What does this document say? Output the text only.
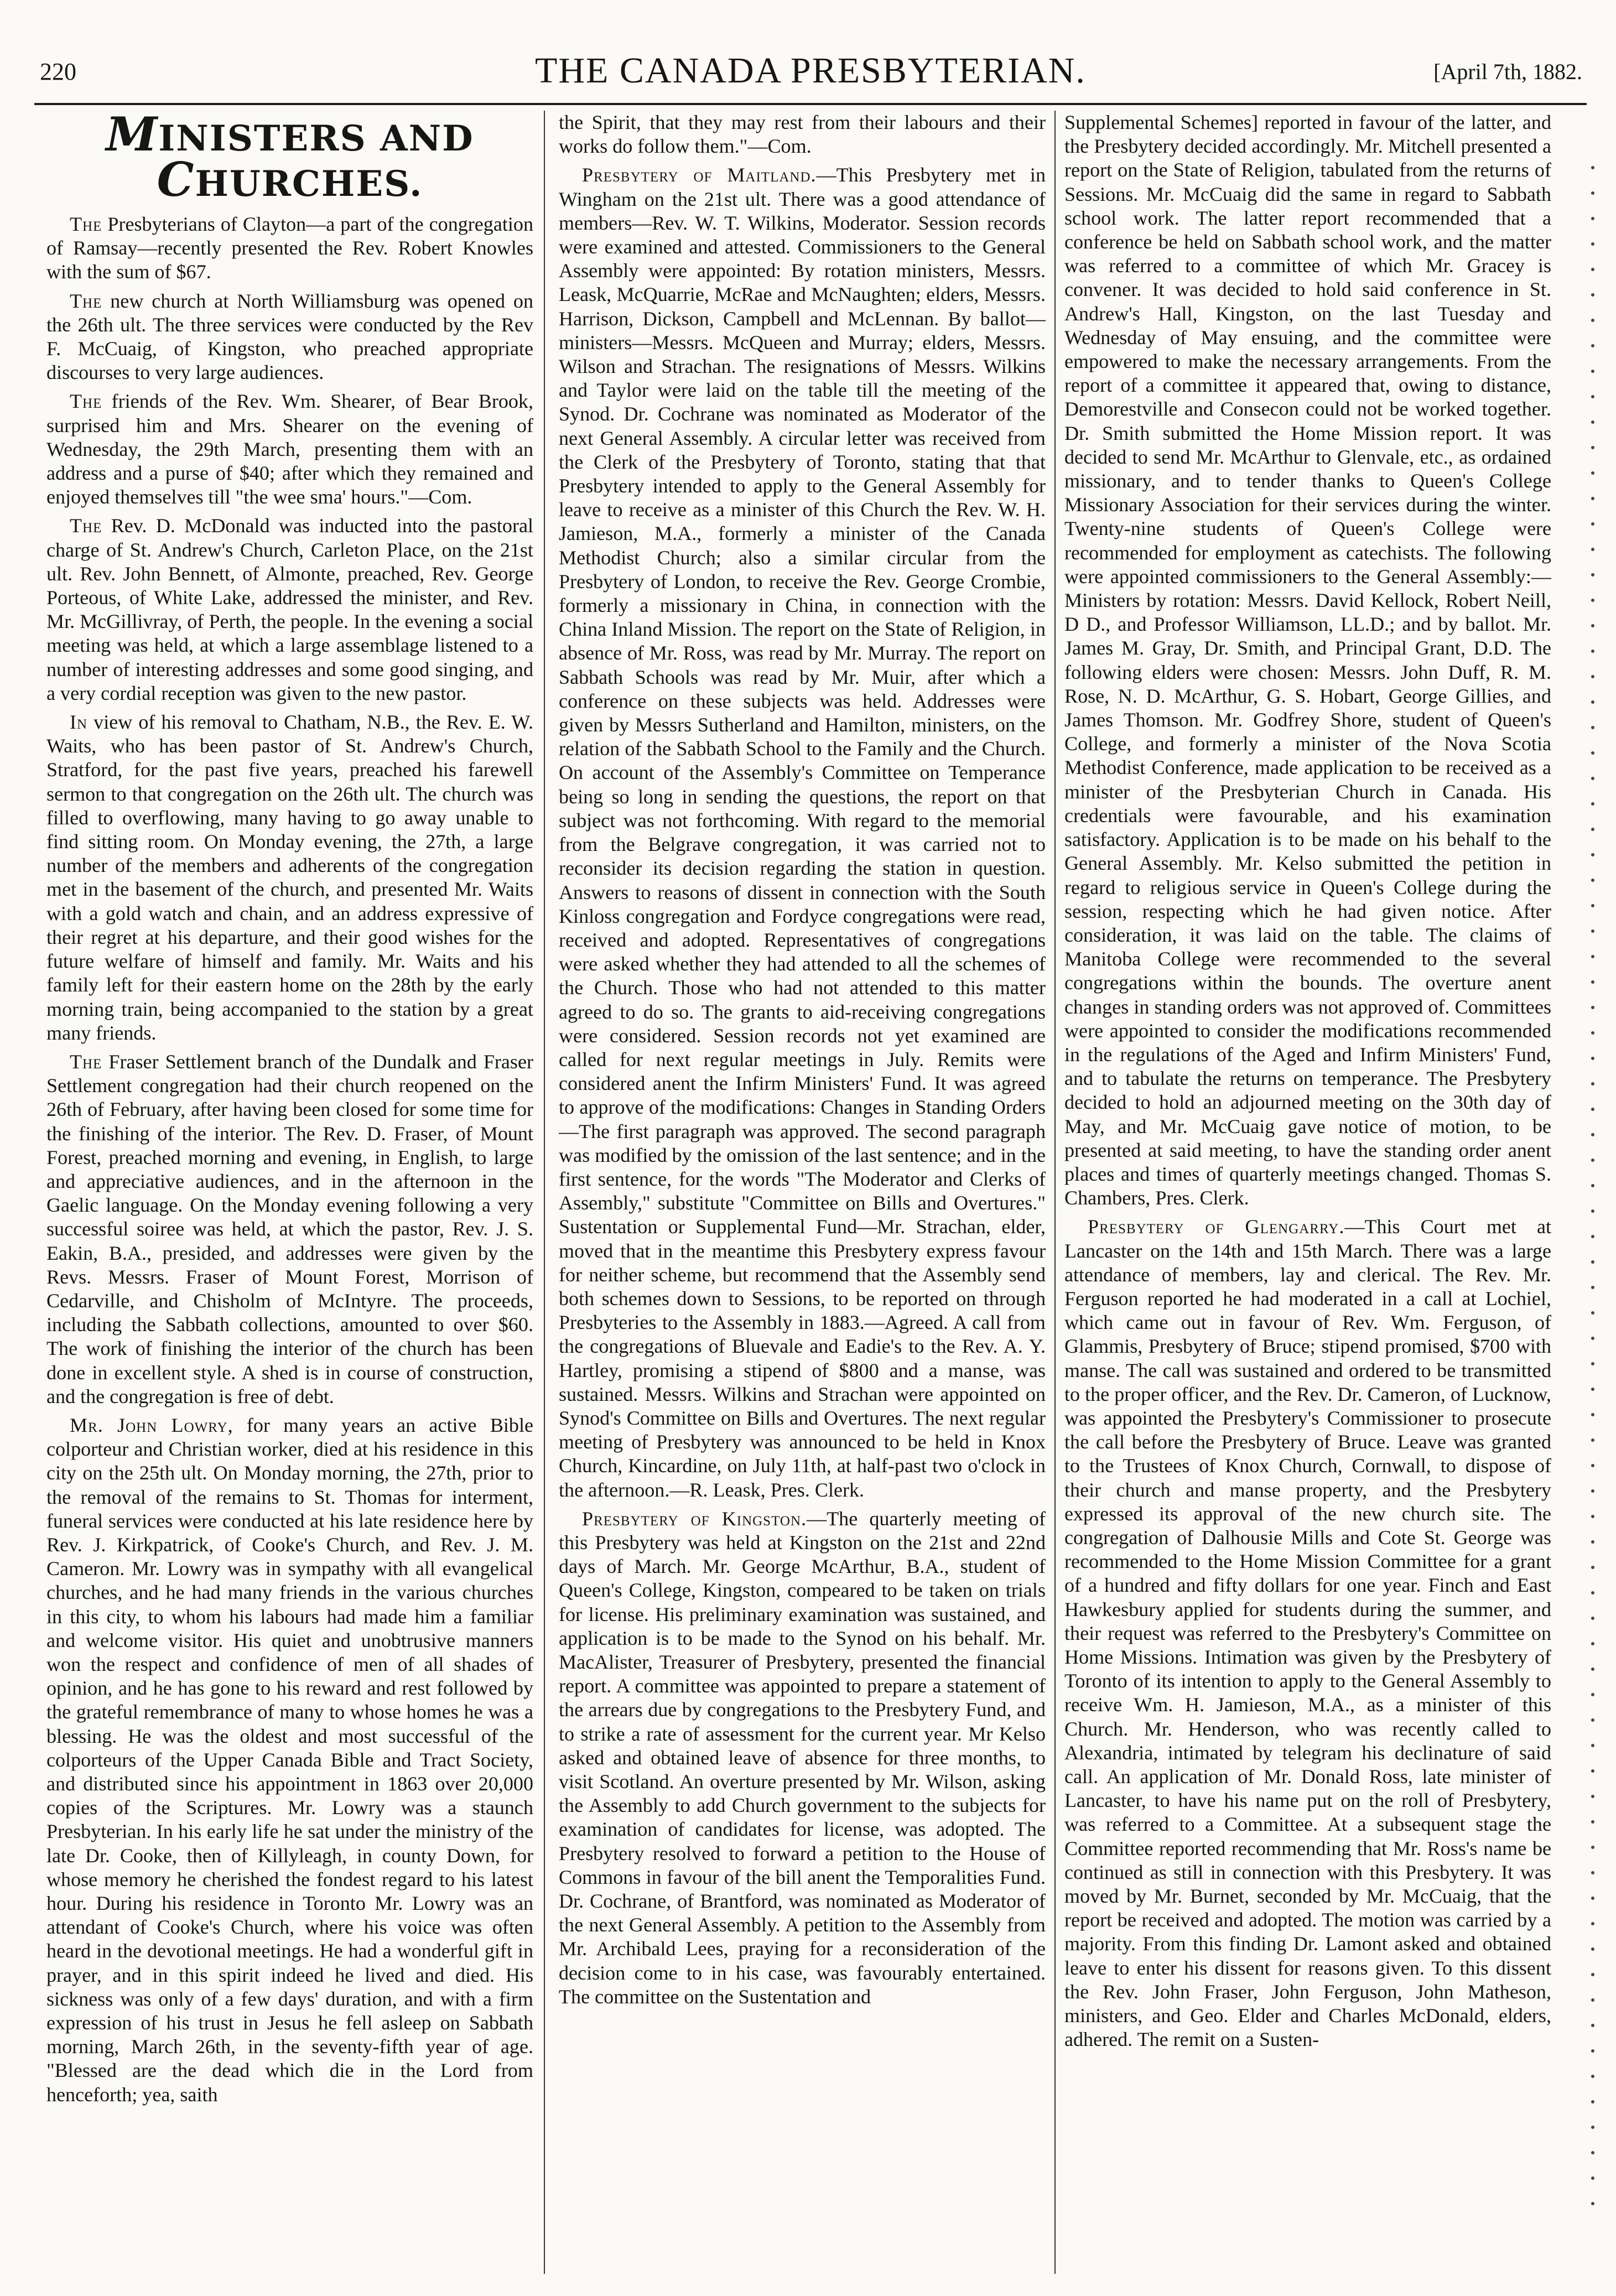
220	THE CANADA PRESBYTERIAN.	[April 7th, 1882.
MINISTERS AND CHURCHES.

The Presbyterians of Clayton—a part of the congregation of Ramsay—recently presented the Rev. Robert Knowles with the sum of $67.

The new church at North Williamsburg was opened on the 26th ult. The three services were conducted by the Rev F. McCuaig, of Kingston, who preached appropriate discourses to very large audiences.

The friends of the Rev. Wm. Shearer, of Bear Brook, surprised him and Mrs. Shearer on the evening of Wednesday, the 29th March, presenting them with an address and a purse of $40; after which they remained and enjoyed themselves till "the wee sma' hours."—Com.

The Rev. D. McDonald was inducted into the pastoral charge of St. Andrew's Church, Carleton Place, on the 21st ult. Rev. John Bennett, of Almonte, preached, Rev. George Porteous, of White Lake, addressed the minister, and Rev. Mr. McGillivray, of Perth, the people. In the evening a social meeting was held, at which a large assemblage listened to a number of interesting addresses and some good singing, and a very cordial reception was given to the new pastor.

In view of his removal to Chatham, N.B., the Rev. E. W. Waits, who has been pastor of St. Andrew's Church, Stratford, for the past five years, preached his farewell sermon to that congregation on the 26th ult. The church was filled to overflowing, many having to go away unable to find sitting room. On Monday evening, the 27th, a large number of the members and adherents of the congregation met in the basement of the church, and presented Mr. Waits with a gold watch and chain, and an address expressive of their regret at his departure, and their good wishes for the future welfare of himself and family. Mr. Waits and his family left for their eastern home on the 28th by the early morning train, being accompanied to the station by a great many friends.

The Fraser Settlement branch of the Dundalk and Fraser Settlement congregation had their church reopened on the 26th of February, after having been closed for some time for the finishing of the interior. The Rev. D. Fraser, of Mount Forest, preached morning and evening, in English, to large and appreciative audiences, and in the afternoon in the Gaelic language. On the Monday evening following a very successful soiree was held, at which the pastor, Rev. J. S. Eakin, B.A., presided, and addresses were given by the Revs. Messrs. Fraser of Mount Forest, Morrison of Cedarville, and Chisholm of McIntyre. The proceeds, including the Sabbath collections, amounted to over $60. The work of finishing the interior of the church has been done in excellent style. A shed is in course of construction, and the congregation is free of debt.

Mr. John Lowry, for many years an active Bible colporteur and Christian worker, died at his residence in this city on the 25th ult. On Monday morning, the 27th, prior to the removal of the remains to St. Thomas for interment, funeral services were conducted at his late residence here by Rev. J. Kirkpatrick, of Cooke's Church, and Rev. J. M. Cameron. Mr. Lowry was in sympathy with all evangelical churches, and he had many friends in the various churches in this city, to whom his labours had made him a familiar and welcome visitor. His quiet and unobtrusive manners won the respect and confidence of men of all shades of opinion, and he has gone to his reward and rest followed by the grateful remembrance of many to whose homes he was a blessing. He was the oldest and most successful of the colporteurs of the Upper Canada Bible and Tract Society, and distributed since his appointment in 1863 over 20,000 copies of the Scriptures. Mr. Lowry was a staunch Presbyterian. In his early life he sat under the ministry of the late Dr. Cooke, then of Killyleagh, in county Down, for whose memory he cherished the fondest regard to his latest hour. During his residence in Toronto Mr. Lowry was an attendant of Cooke's Church, where his voice was often heard in the devotional meetings. He had a wonderful gift in prayer, and in this spirit indeed he lived and died. His sickness was only of a few days' duration, and with a firm expression of his trust in Jesus he fell asleep on Sabbath morning, March 26th, in the seventy-fifth year of age. "Blessed are the dead which die in the Lord from henceforth; yea, saith

the Spirit, that they may rest from their labours and their works do follow them."—Com.

Presbytery of Maitland.—This Presbytery met in Wingham on the 21st ult. There was a good attendance of members—Rev. W. T. Wilkins, Moderator. Session records were examined and attested. Commissioners to the General Assembly were appointed: By rotation ministers, Messrs. Leask, McQuarrie, McRae and McNaughten; elders, Messrs. Harrison, Dickson, Campbell and McLennan. By ballot—ministers—Messrs. McQueen and Murray; elders, Messrs. Wilson and Strachan. The resignations of Messrs. Wilkins and Taylor were laid on the table till the meeting of the Synod. Dr. Cochrane was nominated as Moderator of the next General Assembly. A circular letter was received from the Clerk of the Presbytery of Toronto, stating that that Presbytery intended to apply to the General Assembly for leave to receive as a minister of this Church the Rev. W. H. Jamieson, M.A., formerly a minister of the Canada Methodist Church; also a similar circular from the Presbytery of London, to receive the Rev. George Crombie, formerly a missionary in China, in connection with the China Inland Mission. The report on the State of Religion, in absence of Mr. Ross, was read by Mr. Murray. The report on Sabbath Schools was read by Mr. Muir, after which a conference on these subjects was held. Addresses were given by Messrs Sutherland and Hamilton, ministers, on the relation of the Sabbath School to the Family and the Church. On account of the Assembly's Committee on Temperance being so long in sending the questions, the report on that subject was not forthcoming. With regard to the memorial from the Belgrave congregation, it was carried not to reconsider its decision regarding the station in question. Answers to reasons of dissent in connection with the South Kinloss congregation and Fordyce congregations were read, received and adopted. Representatives of congregations were asked whether they had attended to all the schemes of the Church. Those who had not attended to this matter agreed to do so. The grants to aid-receiving congregations were considered. Session records not yet examined are called for next regular meetings in July. Remits were considered anent the Infirm Ministers' Fund. It was agreed to approve of the modifications: Changes in Standing Orders—The first paragraph was approved. The second paragraph was modified by the omission of the last sentence; and in the first sentence, for the words "The Moderator and Clerks of Assembly," substitute "Committee on Bills and Overtures." Sustentation or Supplemental Fund—Mr. Strachan, elder, moved that in the meantime this Presbytery express favour for neither scheme, but recommend that the Assembly send both schemes down to Sessions, to be reported on through Presbyteries to the Assembly in 1883.—Agreed. A call from the congregations of Bluevale and Eadie's to the Rev. A. Y. Hartley, promising a stipend of $800 and a manse, was sustained. Messrs. Wilkins and Strachan were appointed on Synod's Committee on Bills and Overtures. The next regular meeting of Presbytery was announced to be held in Knox Church, Kincardine, on July 11th, at half-past two o'clock in the afternoon.—R. Leask, Pres. Clerk.

Presbytery of Kingston.—The quarterly meeting of this Presbytery was held at Kingston on the 21st and 22nd days of March. Mr. George McArthur, B.A., student of Queen's College, Kingston, compeared to be taken on trials for license. His preliminary examination was sustained, and application is to be made to the Synod on his behalf. Mr. MacAlister, Treasurer of Presbytery, presented the financial report. A committee was appointed to prepare a statement of the arrears due by congregations to the Presbytery Fund, and to strike a rate of assessment for the current year. Mr Kelso asked and obtained leave of absence for three months, to visit Scotland. An overture presented by Mr. Wilson, asking the Assembly to add Church government to the subjects for examination of candidates for license, was adopted. The Presbytery resolved to forward a petition to the House of Commons in favour of the bill anent the Temporalities Fund. Dr. Cochrane, of Brantford, was nominated as Moderator of the next General Assembly. A petition to the Assembly from Mr. Archibald Lees, praying for a reconsideration of the decision come to in his case, was favourably entertained. The committee on the Sustentation and

Supplemental Schemes] reported in favour of the latter, and the Presbytery decided accordingly. Mr. Mitchell presented a report on the State of Religion, tabulated from the returns of Sessions. Mr. McCuaig did the same in regard to Sabbath school work. The latter report recommended that a conference be held on Sabbath school work, and the matter was referred to a committee of which Mr. Gracey is convener. It was decided to hold said conference in St. Andrew's Hall, Kingston, on the last Tuesday and Wednesday of May ensuing, and the committee were empowered to make the necessary arrangements. From the report of a committee it appeared that, owing to distance, Demorestville and Consecon could not be worked together. Dr. Smith submitted the Home Mission report. It was decided to send Mr. McArthur to Glenvale, etc., as ordained missionary, and to tender thanks to Queen's College Missionary Association for their services during the winter. Twenty-nine students of Queen's College were recommended for employment as catechists. The following were appointed commissioners to the General Assembly:—Ministers by rotation: Messrs. David Kellock, Robert Neill, D D., and Professor Williamson, LL.D.; and by ballot. Mr. James M. Gray, Dr. Smith, and Principal Grant, D.D. The following elders were chosen: Messrs. John Duff, R. M. Rose, N. D. McArthur, G. S. Hobart, George Gillies, and James Thomson. Mr. Godfrey Shore, student of Queen's College, and formerly a minister of the Nova Scotia Methodist Conference, made application to be received as a minister of the Presbyterian Church in Canada. His credentials were favourable, and his examination satisfactory. Application is to be made on his behalf to the General Assembly. Mr. Kelso submitted the petition in regard to religious service in Queen's College during the session, respecting which he had given notice. After consideration, it was laid on the table. The claims of Manitoba College were recommended to the several congregations within the bounds. The overture anent changes in standing orders was not approved of. Committees were appointed to consider the modifications recommended in the regulations of the Aged and Infirm Ministers' Fund, and to tabulate the returns on temperance. The Presbytery decided to hold an adjourned meeting on the 30th day of May, and Mr. McCuaig gave notice of motion, to be presented at said meeting, to have the standing order anent places and times of quarterly meetings changed. Thomas S. Chambers, Pres. Clerk.

Presbytery of Glengarry.—This Court met at Lancaster on the 14th and 15th March. There was a large attendance of members, lay and clerical. The Rev. Mr. Ferguson reported he had moderated in a call at Lochiel, which came out in favour of Rev. Wm. Ferguson, of Glammis, Presbytery of Bruce; stipend promised, $700 with manse. The call was sustained and ordered to be transmitted to the proper officer, and the Rev. Dr. Cameron, of Lucknow, was appointed the Presbytery's Commissioner to prosecute the call before the Presbytery of Bruce. Leave was granted to the Trustees of Knox Church, Cornwall, to dispose of their church and manse property, and the Presbytery expressed its approval of the new church site. The congregation of Dalhousie Mills and Cote St. George was recommended to the Home Mission Committee for a grant of a hundred and fifty dollars for one year. Finch and East Hawkesbury applied for students during the summer, and their request was referred to the Presbytery's Committee on Home Missions. Intimation was given by the Presbytery of Toronto of its intention to apply to the General Assembly to receive Wm. H. Jamieson, M.A., as a minister of this Church. Mr. Henderson, who was recently called to Alexandria, intimated by telegram his declinature of said call. An application of Mr. Donald Ross, late minister of Lancaster, to have his name put on the roll of Presbytery, was referred to a Committee. At a subsequent stage the Committee reported recommending that Mr. Ross's name be continued as still in connection with this Presbytery. It was moved by Mr. Burnet, seconded by Mr. McCuaig, that the report be received and adopted. The motion was carried by a majority. From this finding Dr. Lamont asked and obtained leave to enter his dissent for reasons given. To this dissent the Rev. John Fraser, John Ferguson, John Matheson, ministers, and Geo. Elder and Charles McDonald, elders, adhered. The remit on a Susten-
